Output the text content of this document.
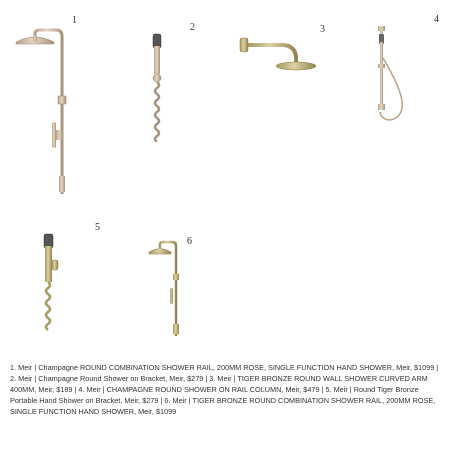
1
2	3
4
5
6
1. Meir | Champagne ROUND COMBINATION SHOWER RAIL, 200MM ROSE, SINGLE FUNCTION HAND SHOWER, Meir, $1099 | 2. Meir | Champagne Round Shower on Bracket, Meir, $279 | 3. Meir | TIGER BRONZE ROUND WALL SHOWER CURVED ARM 400MM, Meir, $189 | 4. Meir | CHAMPAGNE ROUND SHOWER ON RAIL COLUMN, Meir, $479 | 5. Meir | Round Tiger Bronze Portable Hand Shower on Bracket, Meir, $279 | 6. Meir | TIGER BRONZE ROUND COMBINATION SHOWER RAIL, 200MM ROSE, SINGLE FUNCTION HAND SHOWER, Meir, $1099
